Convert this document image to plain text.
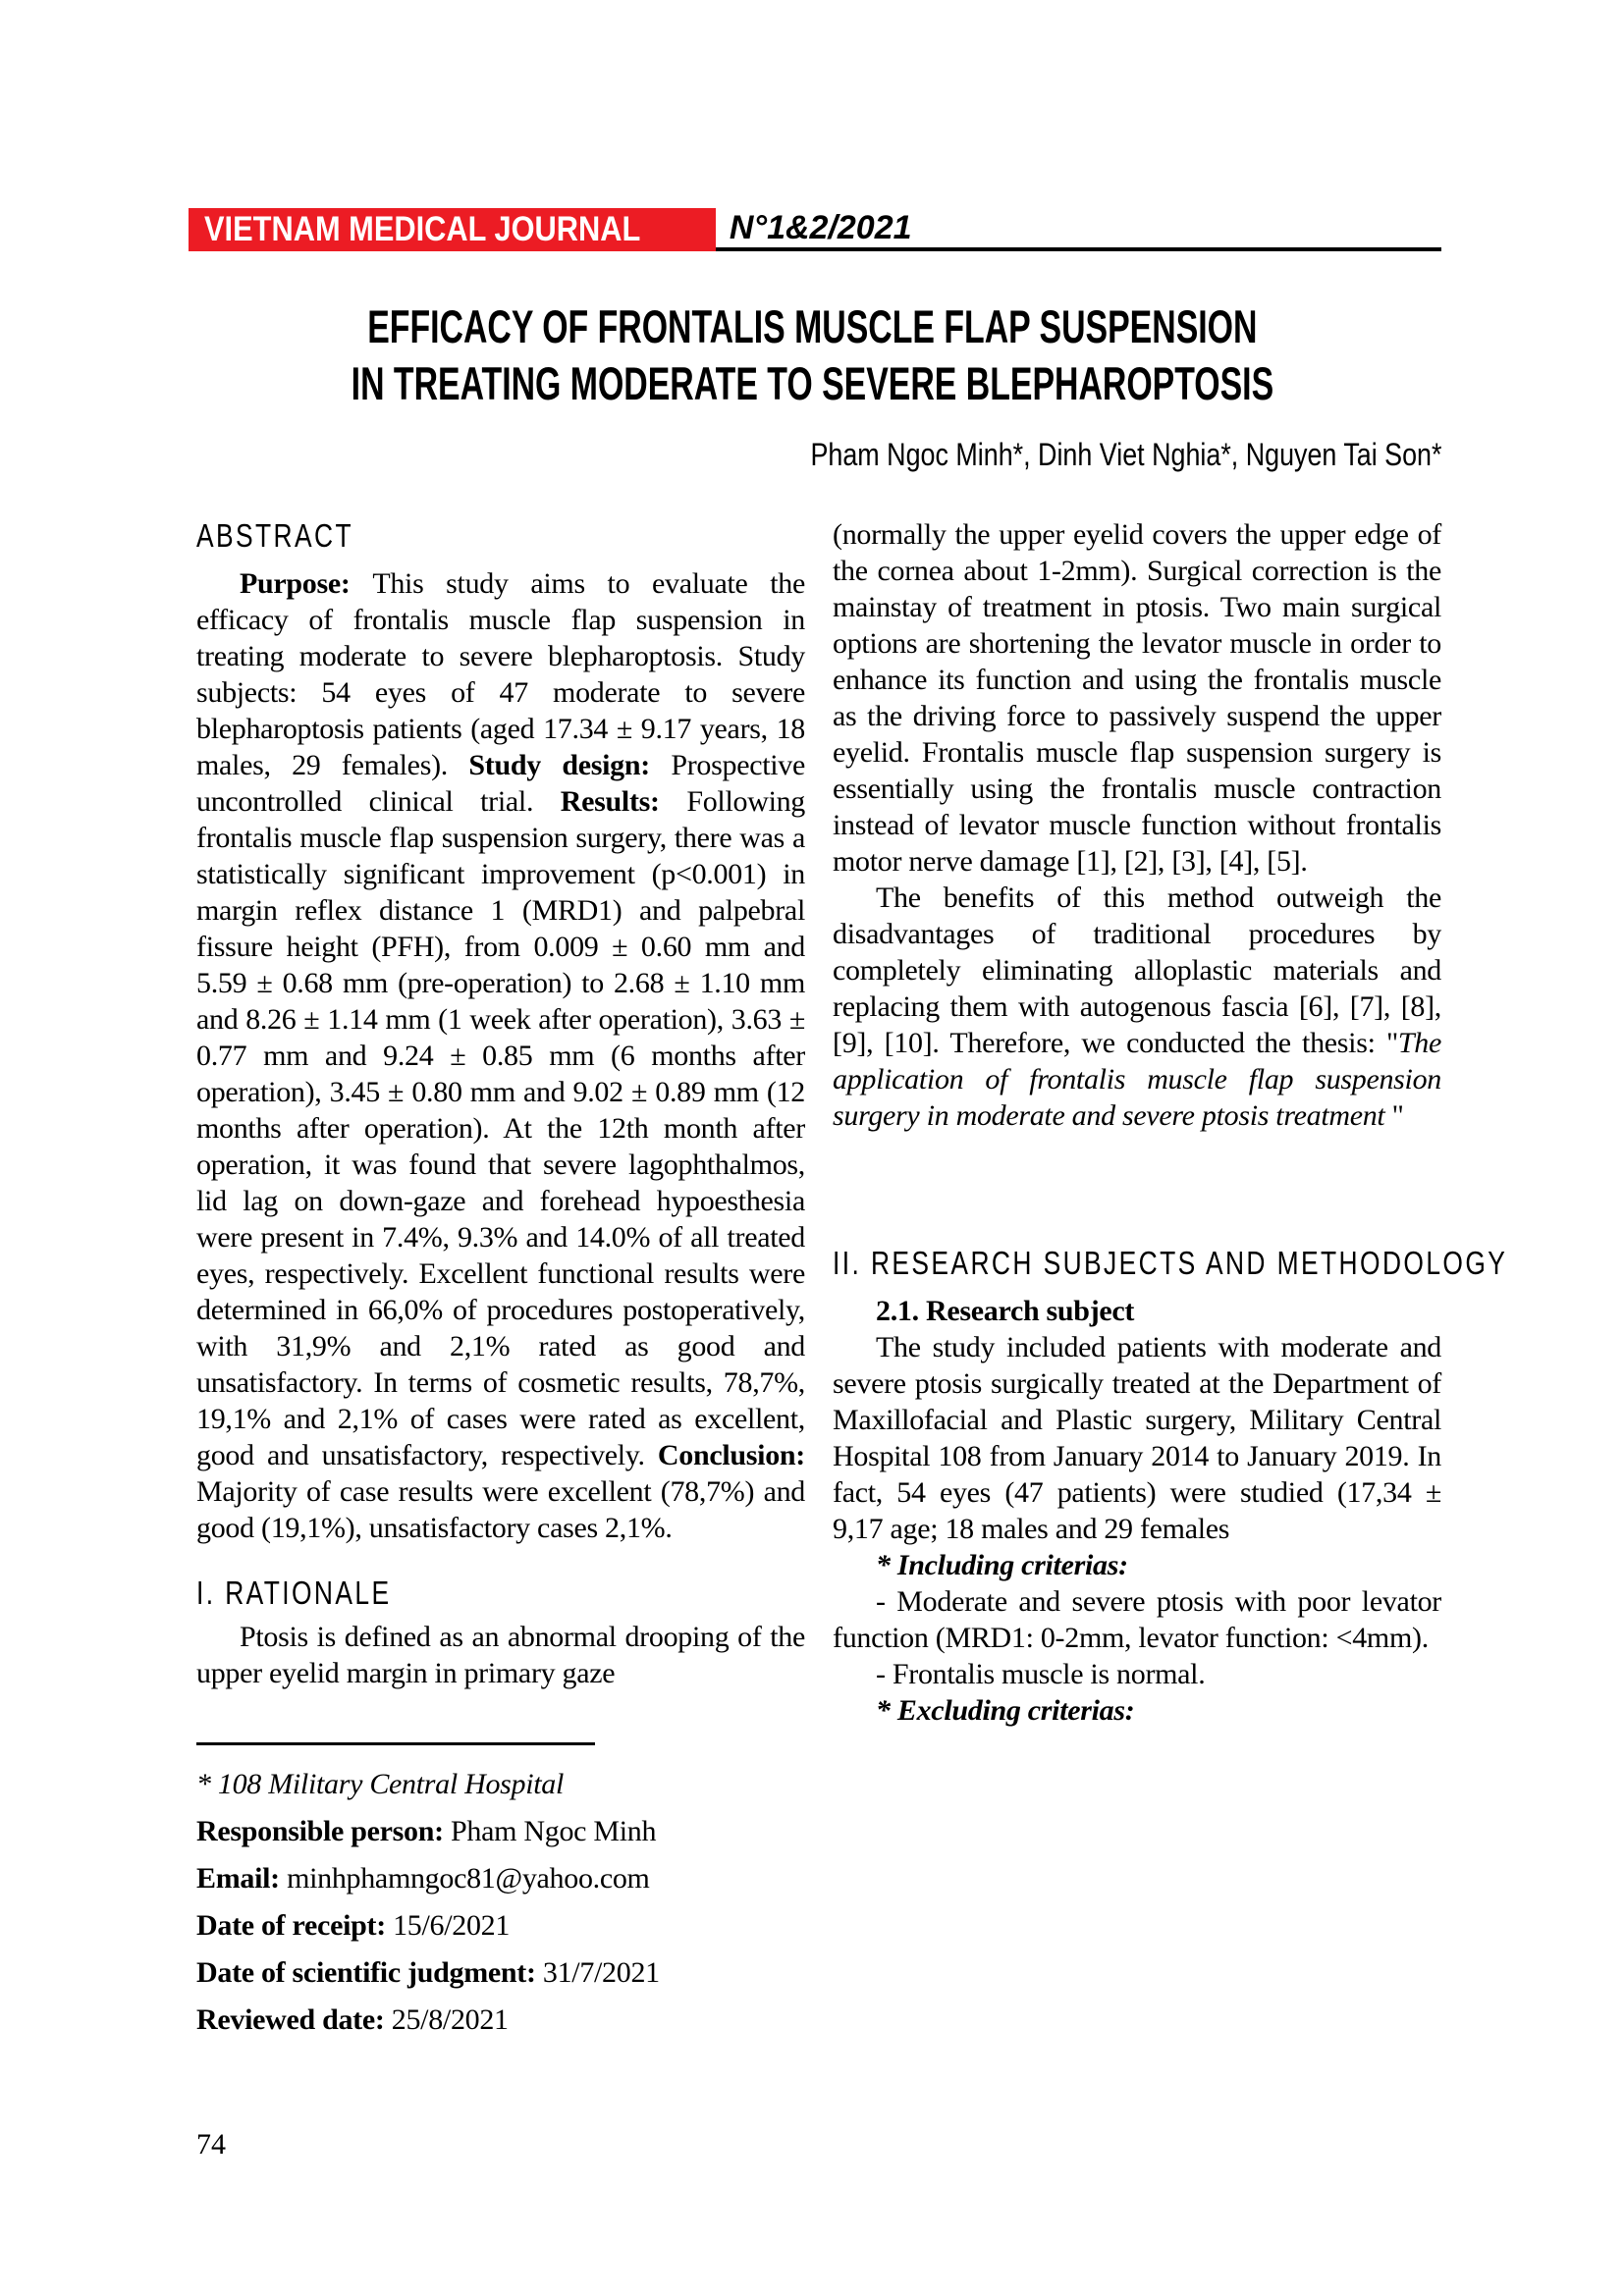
VIETNAM MEDICAL JOURNAL	N°1&2/2021
EFFICACY OF FRONTALIS MUSCLE FLAP SUSPENSION
IN TREATING MODERATE TO SEVERE BLEPHAROPTOSIS
Pham Ngoc Minh*, Dinh Viet Nghia*, Nguyen Tai Son*
ABSTRACT

Purpose: This study aims to evaluate the efficacy of frontalis muscle flap suspension in treating moderate to severe blepharoptosis. Study subjects: 54 eyes of 47 moderate to severe blepharoptosis patients (aged 17.34 ± 9.17 years, 18 males, 29 females). Study design: Prospective uncontrolled clinical trial. Results: Following frontalis muscle flap suspension surgery, there was a statistically significant improvement (p<0.001) in margin reflex distance 1 (MRD1) and palpebral fissure height (PFH), from 0.009 ± 0.60 mm and 5.59 ± 0.68 mm (pre-operation) to 2.68 ± 1.10 mm and 8.26 ± 1.14 mm (1 week after operation), 3.63 ± 0.77 mm and 9.24 ± 0.85 mm (6 months after operation), 3.45 ± 0.80 mm and 9.02 ± 0.89 mm (12 months after operation). At the 12th month after operation, it was found that severe lagophthalmos, lid lag on down-gaze and forehead hypoesthesia were present in 7.4%, 9.3% and 14.0% of all treated eyes, respectively. Excellent functional results were determined in 66,0% of procedures postoperatively, with 31,9% and 2,1% rated as good and unsatisfactory. In terms of cosmetic results, 78,7%, 19,1% and 2,1% of cases were rated as excellent, good and unsatisfactory, respectively. Conclusion: Majority of case results were excellent (78,7%) and good (19,1%), unsatisfactory cases 2,1%.

I. RATIONALE

Ptosis is defined as an abnormal drooping of the upper eyelid margin in primary gaze

* 108 Military Central Hospital

Responsible person: Pham Ngoc Minh

Email: minhphamngoc81@yahoo.com

Date of receipt: 15/6/2021

Date of scientific judgment: 31/7/2021

Reviewed date: 25/8/2021

(normally the upper eyelid covers the upper edge of the cornea about 1-2mm). Surgical correction is the mainstay of treatment in ptosis. Two main surgical options are shortening the levator muscle in order to enhance its function and using the frontalis muscle as the driving force to passively suspend the upper eyelid. Frontalis muscle flap suspension surgery is essentially using the frontalis muscle contraction instead of levator muscle function without frontalis motor nerve damage [1], [2], [3], [4], [5].

The benefits of this method outweigh the disadvantages of traditional procedures by completely eliminating alloplastic materials and replacing them with autogenous fascia [6], [7], [8], [9], [10]. Therefore, we conducted the thesis: "The application of frontalis muscle flap suspension surgery in moderate and severe ptosis treatment "

II. RESEARCH SUBJECTS AND METHODOLOGY

2.1. Research subject

The study included patients with moderate and severe ptosis surgically treated at the Department of Maxillofacial and Plastic surgery, Military Central Hospital 108 from January 2014 to January 2019. In fact, 54 eyes (47 patients) were studied (17,34 ± 9,17 age; 18 males and 29 females

* Including criterias:

- Moderate and severe ptosis with poor levator function (MRD1: 0-2mm, levator function: <4mm).

- Frontalis muscle is normal.

* Excluding criterias:

74
